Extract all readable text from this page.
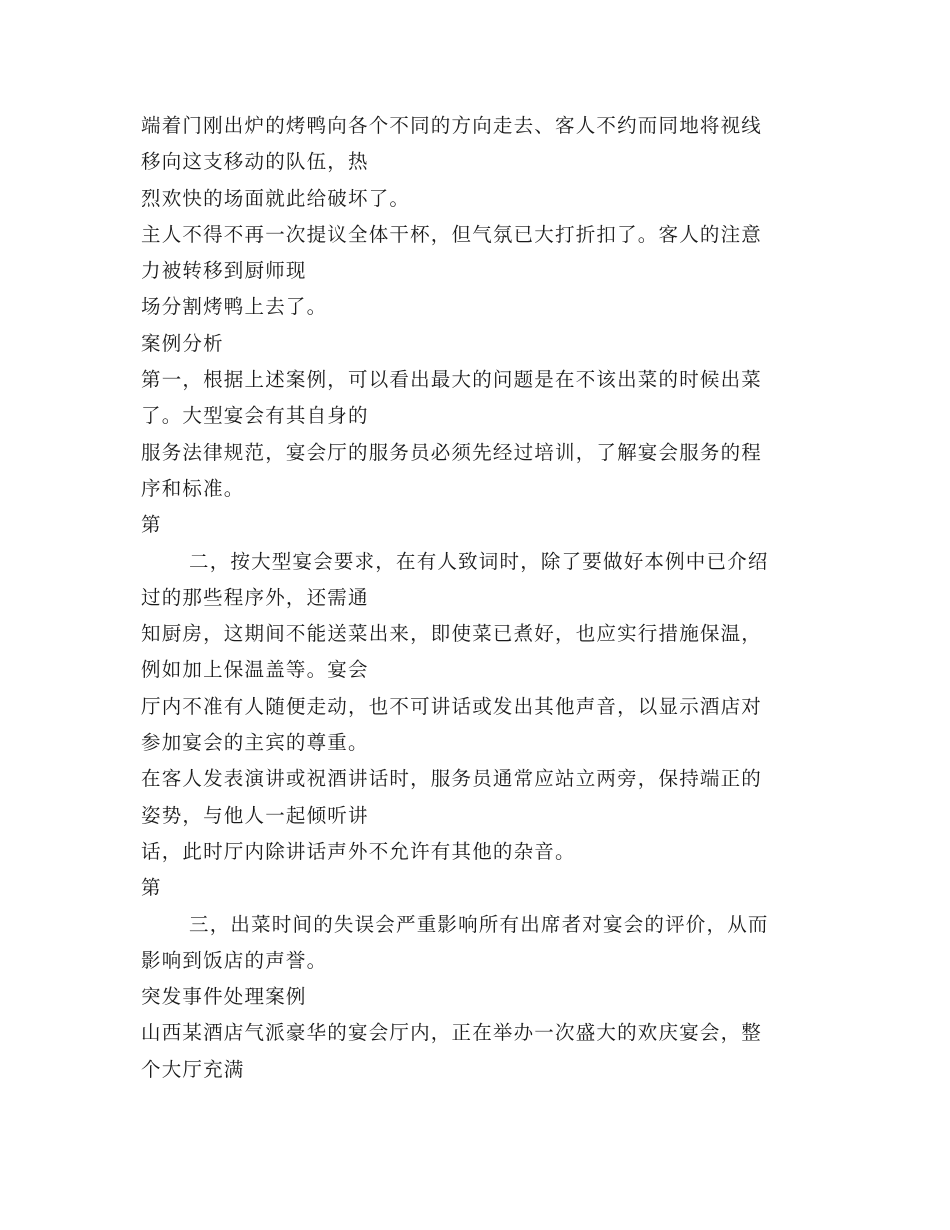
端着门刚出炉的烤鸭向各个不同的方向走去、客人不约而同地将视线
移向这支移动的队伍，热
烈欢快的场面就此给破坏了。
主人不得不再一次提议全体干杯，但气氛已大打折扣了。客人的注意
力被转移到厨师现
场分割烤鸭上去了。
案例分析
第一，根据上述案例，可以看出最大的问题是在不该出菜的时候出菜
了。大型宴会有其自身的
服务法律规范，宴会厅的服务员必须先经过培训，了解宴会服务的程
序和标准。
第
二，按大型宴会要求，在有人致词时，除了要做好本例中已介绍
过的那些程序外，还需通
知厨房，这期间不能送菜出来，即使菜已煮好，也应实行措施保温，
例如加上保温盖等。宴会
厅内不准有人随便走动，也不可讲话或发出其他声音，以显示酒店对
参加宴会的主宾的尊重。
在客人发表演讲或祝酒讲话时，服务员通常应站立两旁，保持端正的
姿势，与他人一起倾听讲
话，此时厅内除讲话声外不允许有其他的杂音。
第
三，出菜时间的失误会严重影响所有出席者对宴会的评价，从而
影响到饭店的声誉。
突发事件处理案例
山西某酒店气派豪华的宴会厅内，正在举办一次盛大的欢庆宴会，整
个大厅充满
